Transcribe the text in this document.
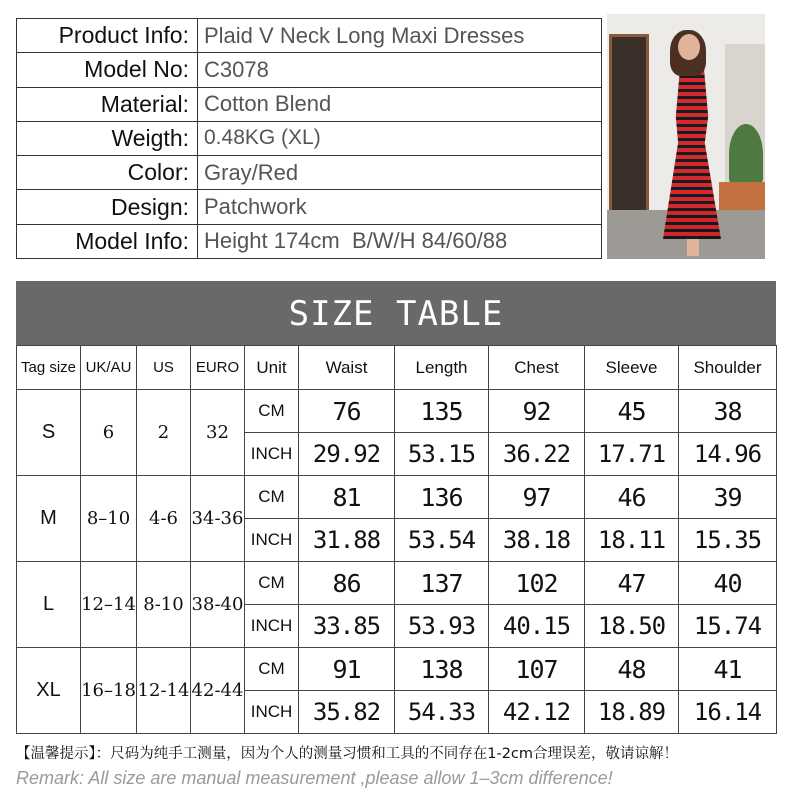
Product Info:	Plaid V Neck Long Maxi Dresses
Model No:	C3078
Material:	Cotton Blend
Weigth:	0.48KG (XL)
Color:	Gray/Red
Design:	Patchwork
Model Info:	Height 174cm  B/W/H 84/60/88
SIZE TABLE
Tag size	UK/AU	US	EURO	Unit	Waist	Length	Chest	Sleeve	Shoulder
S	6	2	32	CM	76	135	92	45	38
				INCH	29.92	53.15	36.22	17.71	14.96
M	8–10	4-6	34-36	CM	81	136	97	46	39
				INCH	31.88	53.54	38.18	18.11	15.35
L	12–14	8-10	38-40	CM	86	137	102	47	40
				INCH	33.85	53.93	40.15	18.50	15.74
XL	16–18	12-14	42-44	CM	91	138	107	48	41
				INCH	35.82	54.33	42.12	18.89	16.14
【温馨提示】：尺码为纯手工测量，因为个人的测量习惯和工具的不同存在1-2cm合理误差，敬请谅解！
Remark: All size are manual measurement ,please allow 1–3cm difference!
